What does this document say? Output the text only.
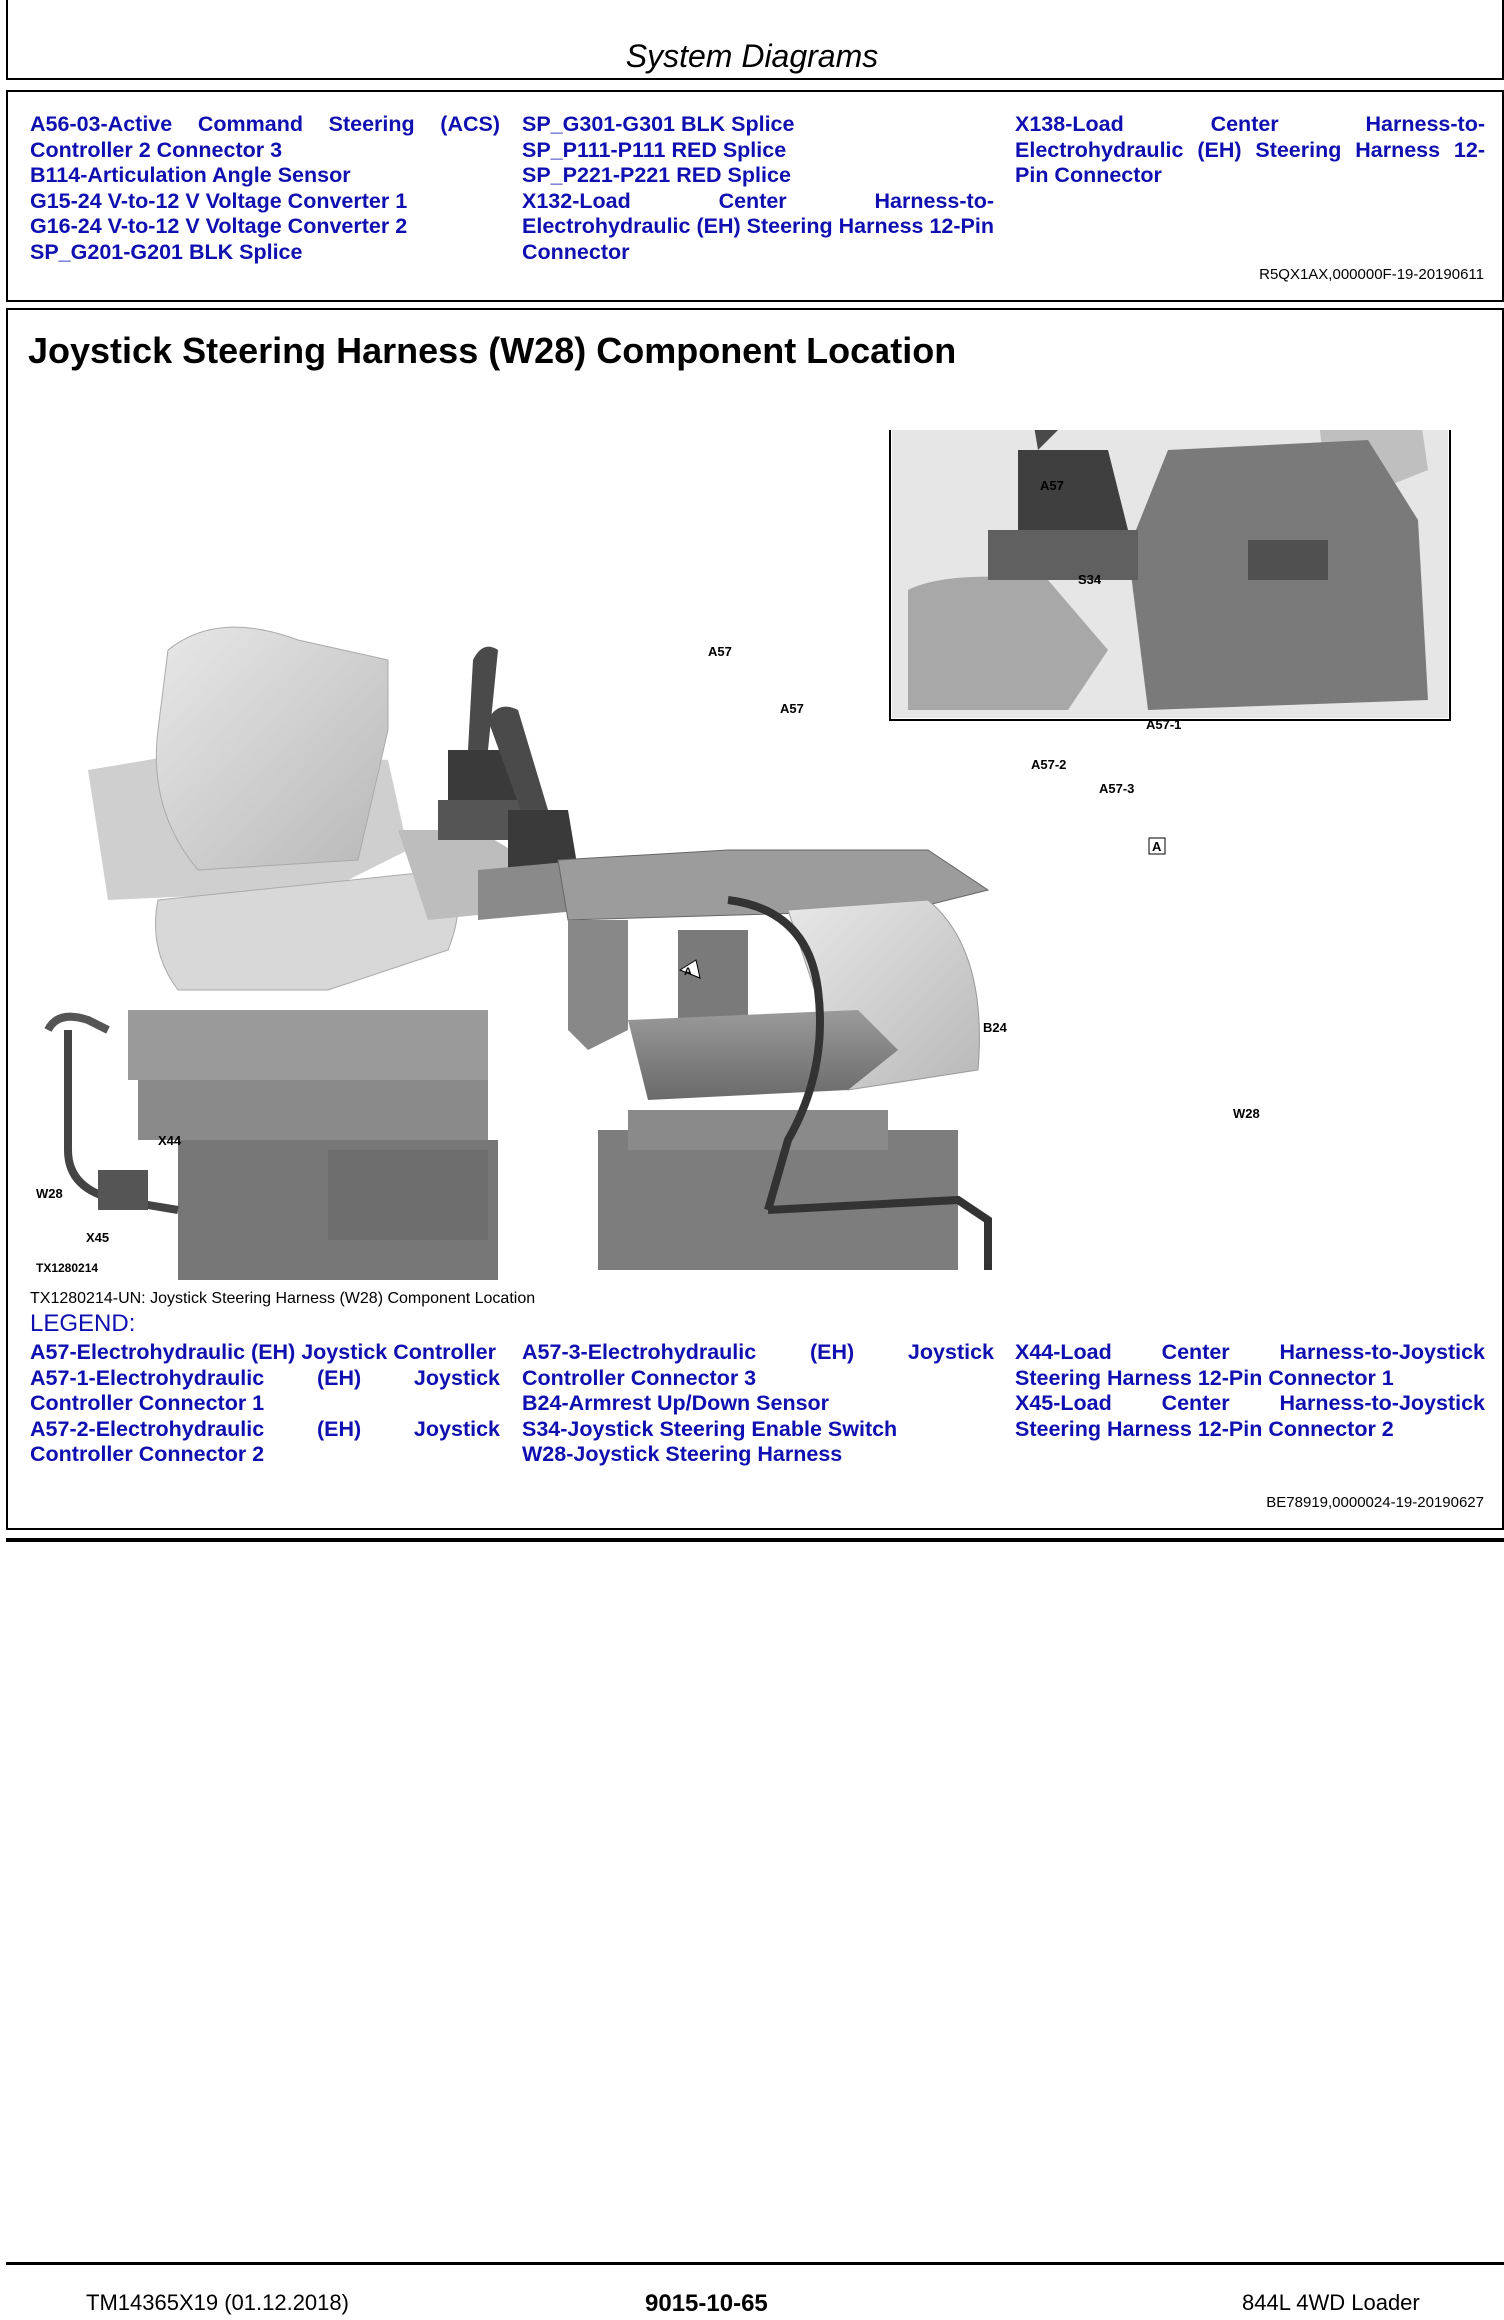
System Diagrams

A56-03-Active Command Steering (ACS) Controller 2 Connector 3

B114-Articulation Angle Sensor

G15-24 V-to-12 V Voltage Converter 1

G16-24 V-to-12 V Voltage Converter 2

SP_G201-G201 BLK Splice

SP_G301-G301 BLK Splice

SP_P111-P111 RED Splice

SP_P221-P221 RED Splice

X132-Load Center Harness-to-Electrohydraulic (EH) Steering Harness 12-Pin Connector

X138-Load Center Harness-to-Electrohydraulic (EH) Steering Harness 12-Pin Connector

R5QX1AX,000000F-19-20190611
Joystick Steering Harness (W28) Component Location
A57
A57
A57
S34
A57-1
A57-2
A57-3
A
A
B24
W28
X44
W28
X45
TX1280214
TX1280214-UN: Joystick Steering Harness (W28) Component Location
LEGEND:

A57-Electrohydraulic (EH) Joystick Controller

A57-1-Electrohydraulic (EH) Joystick Controller Connector 1

A57-2-Electrohydraulic (EH) Joystick Controller Connector 2

A57-3-Electrohydraulic (EH) Joystick Controller Connector 3

B24-Armrest Up/Down Sensor

S34-Joystick Steering Enable Switch

W28-Joystick Steering Harness

X44-Load Center Harness-to-Joystick Steering Harness 12-Pin Connector 1

X45-Load Center Harness-to-Joystick Steering Harness 12-Pin Connector 2

BE78919,0000024-19-20190627
TM14365X19 (01.12.2018)	9015-10-65	844L 4WD Loader
